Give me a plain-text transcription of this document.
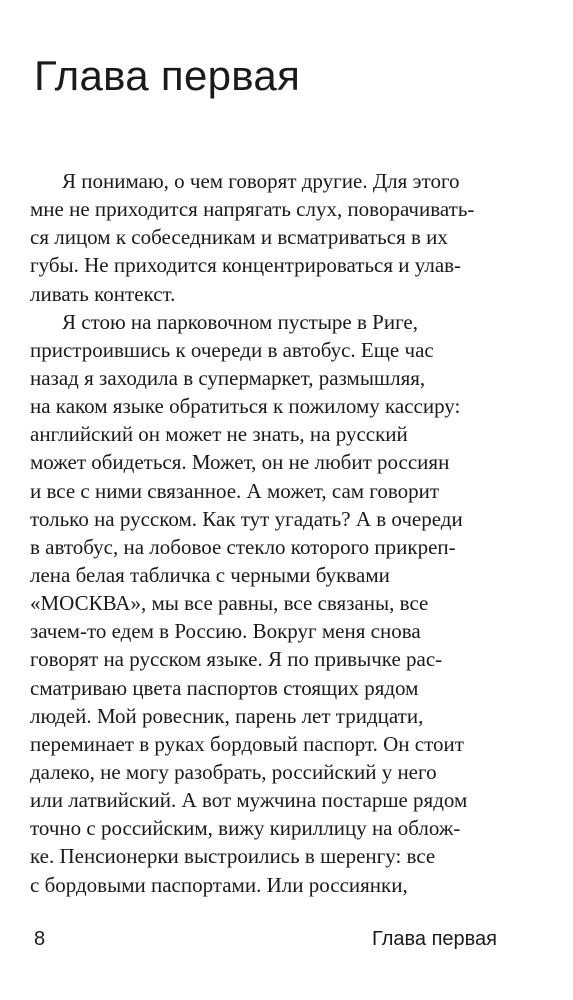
Глава первая
Я понимаю, о чем говорят другие. Для этого
мне не приходится напрягать слух, поворачивать-
ся лицом к собеседникам и всматриваться в их
губы. Не приходится концентрироваться и улав-
ливать контекст.
Я стою на парковочном пустыре в Риге,
пристроившись к очереди в автобус. Еще час
назад я заходила в супермаркет, размышляя,
на каком языке обратиться к пожилому кассиру:
английский он может не знать, на русский
может обидеться. Может, он не любит россиян
и все с ними связанное. А может, сам говорит
только на русском. Как тут угадать? А в очереди
в автобус, на лобовое стекло которого прикреп-
лена белая табличка с черными буквами
«МОСКВА», мы все равны, все связаны, все
зачем-то едем в Россию. Вокруг меня снова
говорят на русском языке. Я по привычке рас-
сматриваю цвета паспортов стоящих рядом
людей. Мой ровесник, парень лет тридцати,
переминает в руках бордовый паспорт. Он стоит
далеко, не могу разобрать, российский у него
или латвийский. А вот мужчина постарше рядом
точно с российским, вижу кириллицу на облож-
ке. Пенсионерки выстроились в шеренгу: все
с бордовыми паспортами. Или россиянки,
8	Глава первая
